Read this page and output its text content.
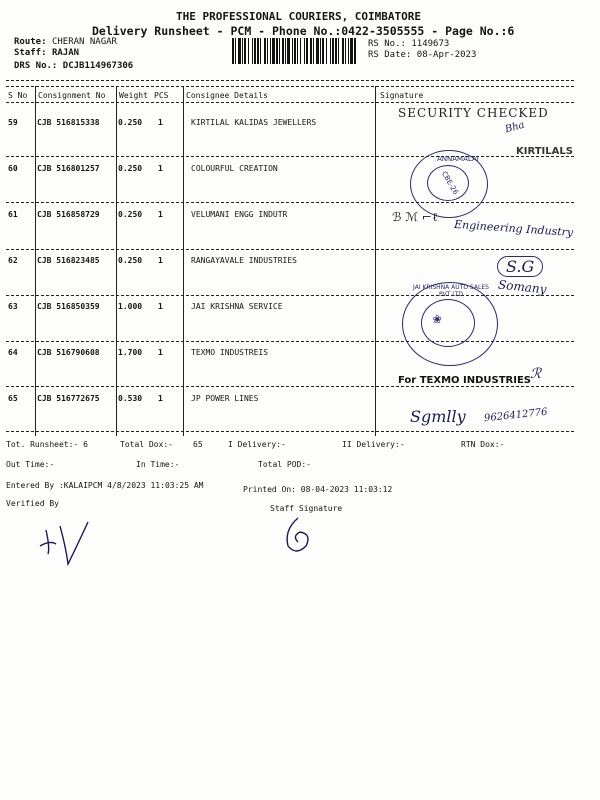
THE PROFESSIONAL COURIERS, COIMBATORE
Delivery Runsheet - PCM - Phone No.:0422-3505555 - Page No.:6
Route: CHERAN NAGAR
Staff: RAJAN
DRS No.: DCJB114967306
RS No.: 1149673
RS Date: 08-Apr-2023
S No Consignment No Weight PCS Consignee Details	Signature
59 CJB 516815338 0.250 1	KIRTILAL KALIDAS JEWELLERS
60 CJB 516801257 0.250 1	COLOURFUL CREATION
61 CJB 516858729 0.250 1	VELUMANI ENGG INDUTR
62 CJB 516823485 0.250 1	RANGAYAVALE INDUSTRIES
63 CJB 516850359 1.000 1	JAI KRISHNA SERVICE
64 CJB 516790608 1.700 1	TEXMO INDUSTREIS
65 CJB 516772675 0.530 1	JP POWER LINES
SECURITY CHECKED
Bha
KIRTILALS
ANNAMALAI
CBE-26
ℬ ℳ ⌐ℓ
Engineering Industry
S.G
Somany
❀
JAI KRISHNA AUTO SALES PVT LTD
For TEXMO INDUSTRIES ℛ
Sgmlly 9626412776
Tot. Runsheet:- 6	Total Dox:-	65	I Delivery:-	II Delivery:-	RTN Dox:-
Out Time:-	In Time:-	Total POD:-
Entered By :KALAIPCM 4/8/2023 11:03:25 AM	Printed On: 08-04-2023 11:03:12
Verified By
Staff Signature
